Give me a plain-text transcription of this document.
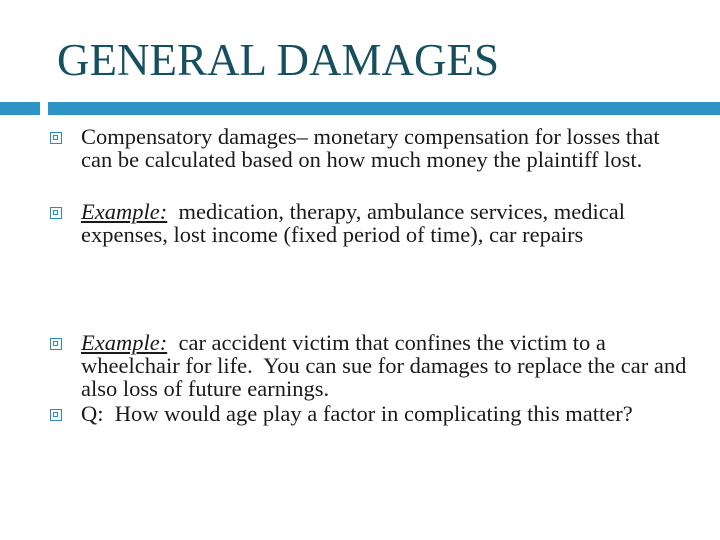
GENERAL DAMAGES
Compensatory damages– monetary compensation for losses that can be calculated based on how much money the plaintiff lost.
Example:  medication, therapy, ambulance services, medical expenses, lost income (fixed period of time), car repairs
Example:  car accident victim that confines the victim to a wheelchair for life.  You can sue for damages to replace the car and also loss of future earnings.
Q:  How would age play a factor in complicating this matter?
